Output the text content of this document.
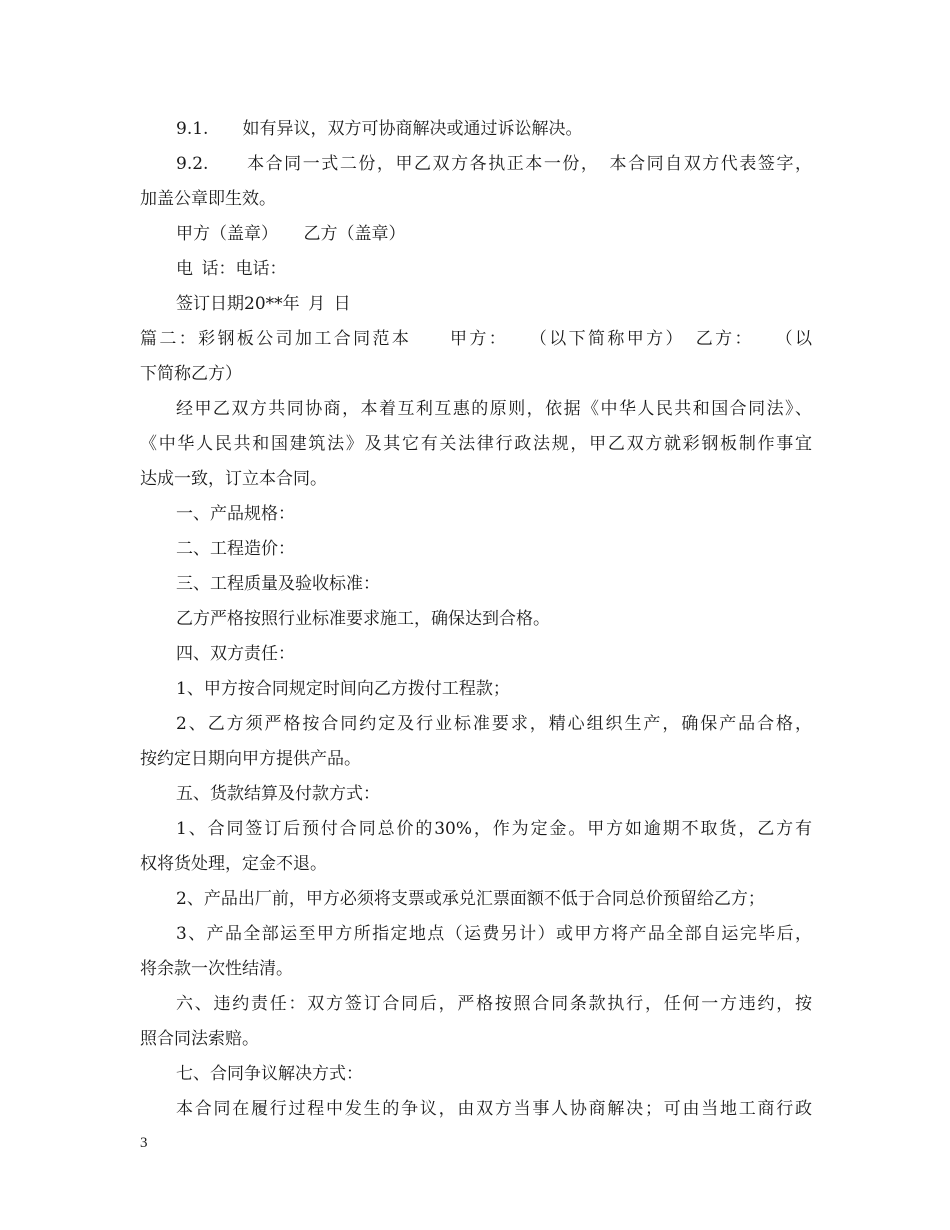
9.1.　　如有异议，双方可协商解决或通过诉讼解决。
9.2.　　本合同一式二份，甲乙双方各执正本一份，　本合同自双方代表签字，
加盖公章即生效。
甲方（盖章）　　乙方（盖章）
电 话：电话：
签订日期20**年 月 日
篇二：彩钢板公司加工合同范本　　甲方：　　（以下简称甲方）　乙方：　　（以
下简称乙方）
经甲乙双方共同协商，本着互利互惠的原则，依据《中华人民共和国合同法》、
《中华人民共和国建筑法》及其它有关法律行政法规，甲乙双方就彩钢板制作事宜
达成一致，订立本合同。
一、产品规格：
二、工程造价：
三、工程质量及验收标准：
乙方严格按照行业标准要求施工，确保达到合格。
四、双方责任：
1、甲方按合同规定时间向乙方拨付工程款；
2、乙方须严格按合同约定及行业标准要求，精心组织生产，确保产品合格，
按约定日期向甲方提供产品。
五、货款结算及付款方式：
1、合同签订后预付合同总价的30%，作为定金。甲方如逾期不取货，乙方有
权将货处理，定金不退。
2、产品出厂前，甲方必须将支票或承兑汇票面额不低于合同总价预留给乙方；
3、产品全部运至甲方所指定地点（运费另计）或甲方将产品全部自运完毕后，
将余款一次性结清。
六、违约责任：双方签订合同后，严格按照合同条款执行，任何一方违约，按
照合同法索赔。
七、合同争议解决方式：
本合同在履行过程中发生的争议，由双方当事人协商解决；可由当地工商行政
3
